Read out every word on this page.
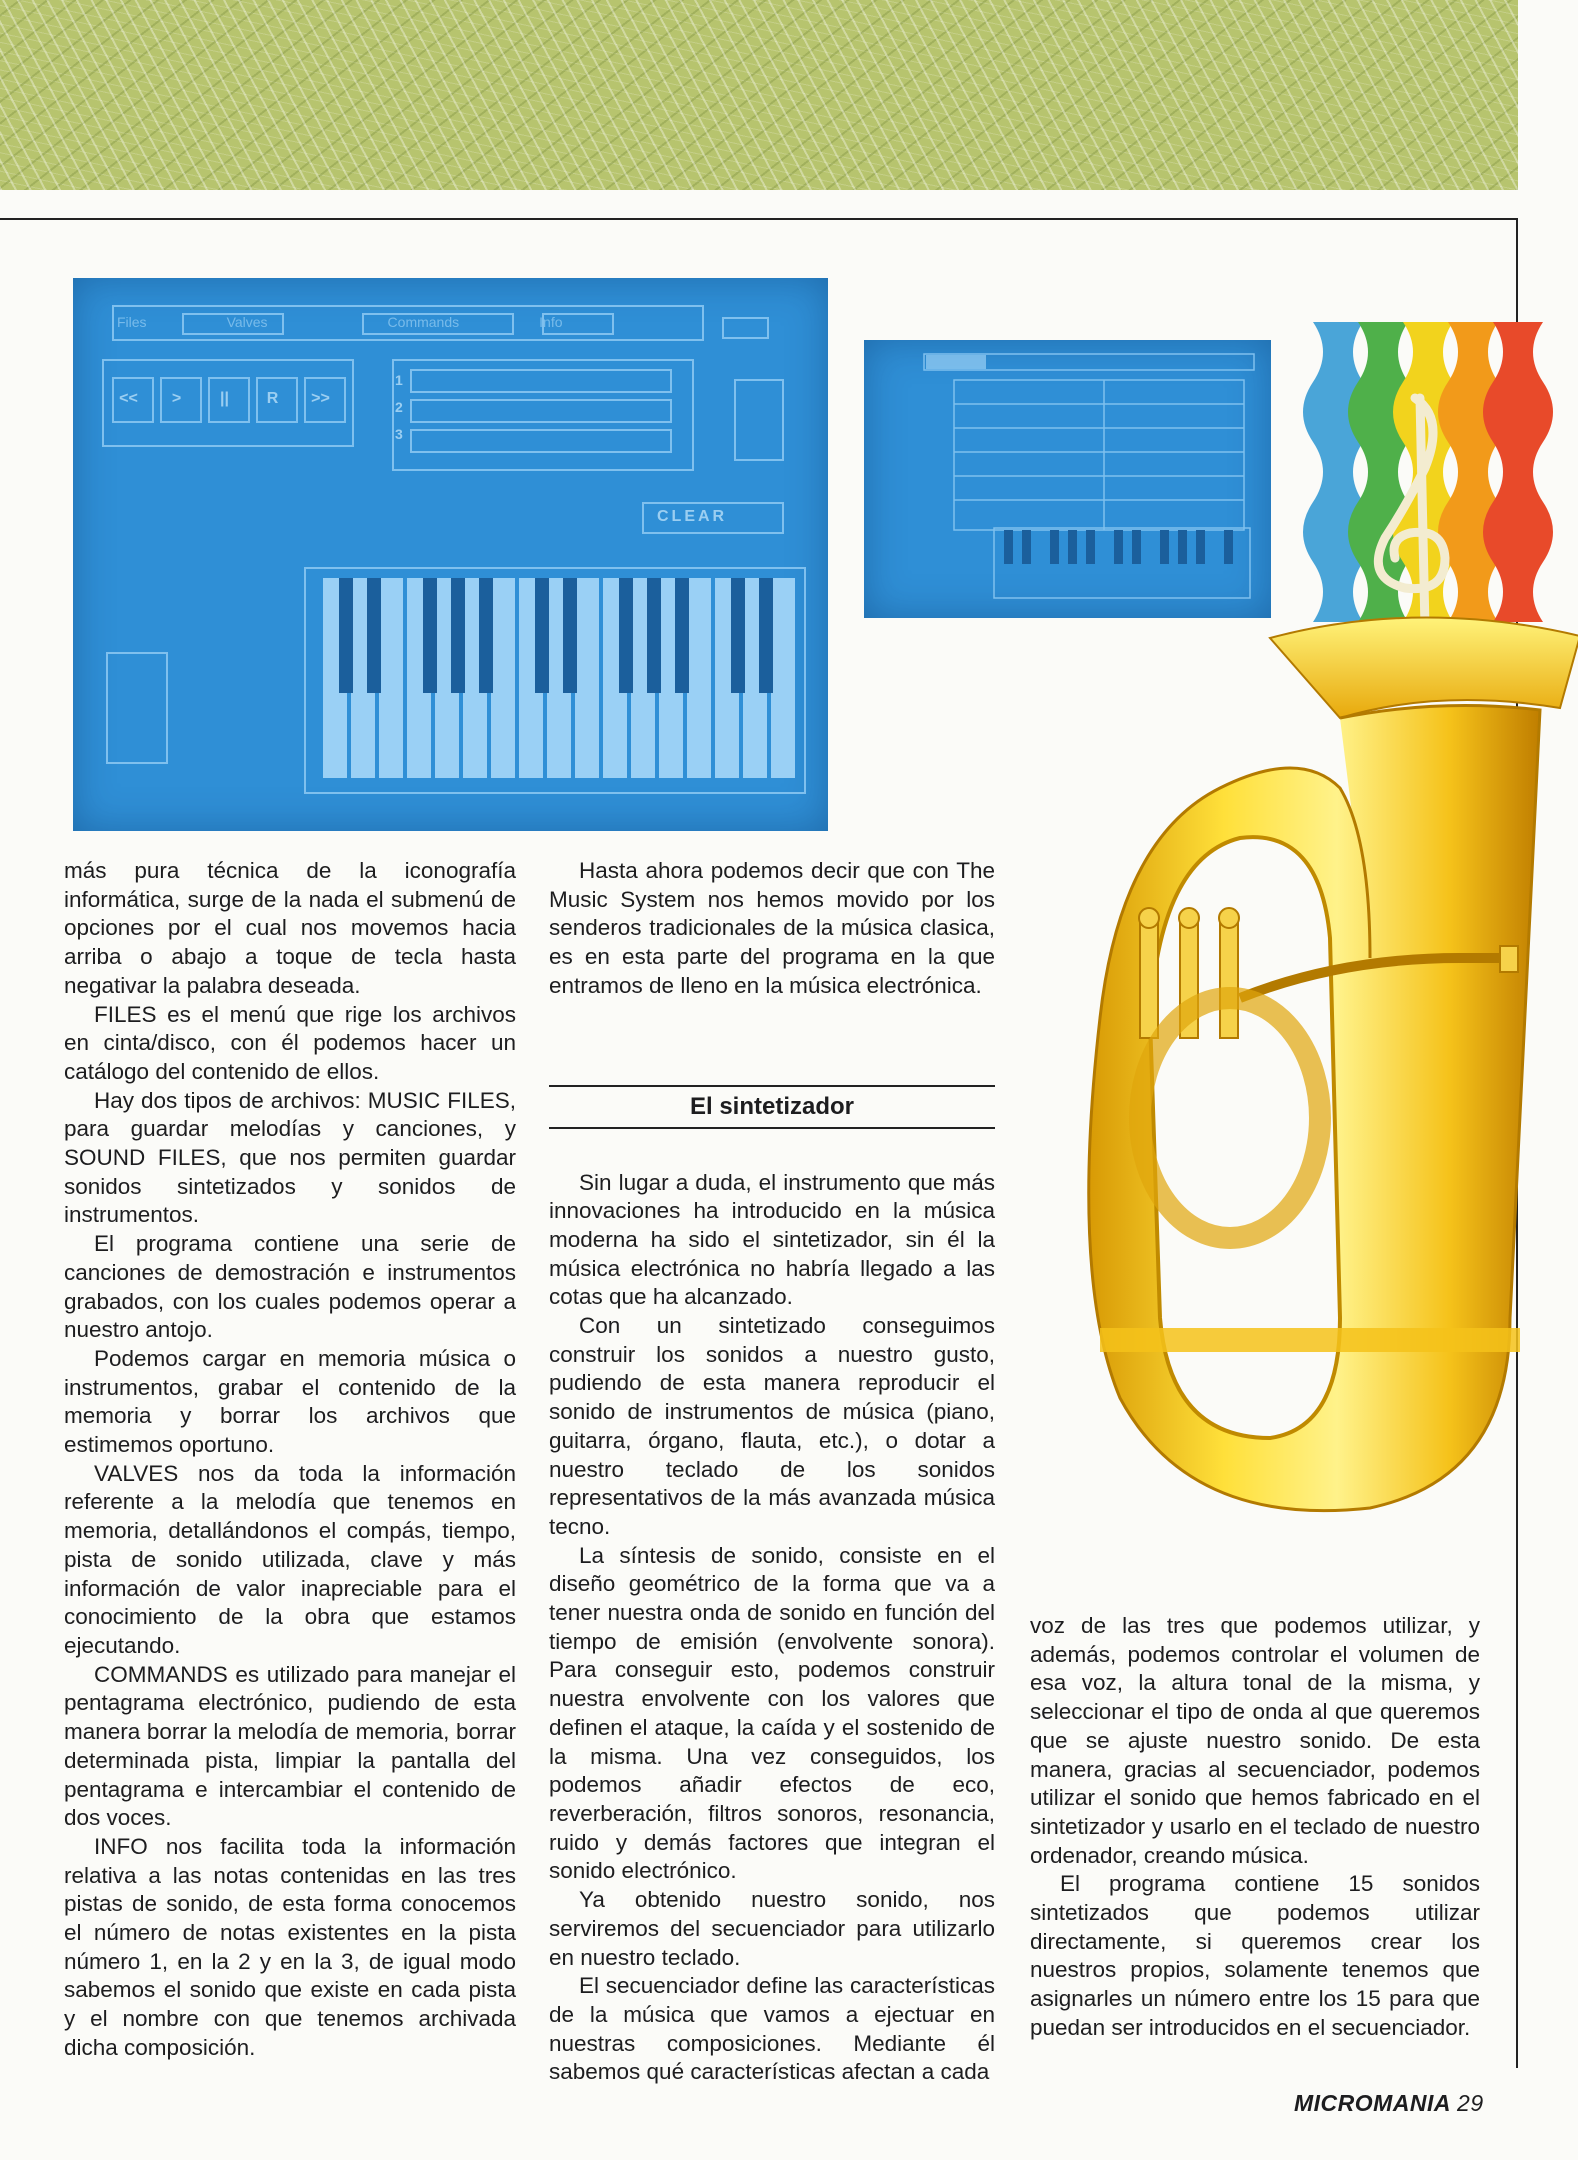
Files	Valves	Commands	Info
<<	>	||	R	>>
1
2
3
CLEAR

más pura técnica de la iconografía informática, surge de la nada el submenú de opciones por el cual nos movemos hacia arriba o abajo a toque de tecla hasta negativar la palabra deseada.

FILES es el menú que rige los archivos en cinta/disco, con él podemos hacer un catálogo del contenido de ellos.

Hay dos tipos de archivos: MUSIC FILES, para guardar melodías y canciones, y SOUND FILES, que nos permiten guardar sonidos sintetizados y sonidos de instrumentos.

El programa contiene una serie de canciones de demostración e instrumentos grabados, con los cuales podemos operar a nuestro antojo.

Podemos cargar en memoria música o instrumentos, grabar el contenido de la memoria y borrar los archivos que estimemos oportuno.

VALVES nos da toda la información referente a la melodía que tenemos en memoria, detallándonos el compás, tiempo, pista de sonido utilizada, clave y más información de valor inapreciable para el conocimiento de la obra que estamos ejecutando.

COMMANDS es utilizado para manejar el pentagrama electrónico, pudiendo de esta manera borrar la melodía de memoria, borrar determinada pista, limpiar la pantalla del pentagrama e intercambiar el contenido de dos voces.

INFO nos facilita toda la información relativa a las notas contenidas en las tres pistas de sonido, de esta forma conocemos el número de notas existentes en la pista número 1, en la 2 y en la 3, de igual modo sabemos el sonido que existe en cada pista y el nombre con que tenemos archivada dicha composición.

Hasta ahora podemos decir que con The Music System nos hemos movido por los senderos tradicionales de la música clasica, es en esta parte del programa en la que entramos de lleno en la música electrónica.

El sintetizador

Sin lugar a duda, el instrumento que más innovaciones ha introducido en la música moderna ha sido el sintetizador, sin él la música electrónica no habría llegado a las cotas que ha alcanzado.

Con un sintetizado conseguimos construir los sonidos a nuestro gusto, pudiendo de esta manera reproducir el sonido de instrumentos de música (piano, guitarra, órgano, flauta, etc.), o dotar a nuestro teclado de los sonidos representativos de la más avanzada música tecno.

La síntesis de sonido, consiste en el diseño geométrico de la forma que va a tener nuestra onda de sonido en función del tiempo de emisión (envolvente sonora). Para conseguir esto, podemos construir nuestra envolvente con los valores que definen el ataque, la caída y el sostenido de la misma. Una vez conseguidos, los podemos añadir efectos de eco, reverberación, filtros sonoros, resonancia, ruido y demás factores que integran el sonido electrónico.

Ya obtenido nuestro sonido, nos serviremos del secuenciador para utilizarlo en nuestro teclado.

El secuenciador define las características de la música que vamos a ejectuar en nuestras composiciones. Mediante él sabemos qué características afectan a cada

voz de las tres que podemos utilizar, y además, podemos controlar el volumen de esa voz, la altura tonal de la misma, y seleccionar el tipo de onda al que queremos que se ajuste nuestro sonido. De esta manera, gracias al secuenciador, podemos utilizar el sonido que hemos fabricado en el sintetizador y usarlo en el teclado de nuestro ordenador, creando música.

El programa contiene 15 sonidos sintetizados que podemos utilizar directamente, si queremos crear los nuestros propios, solamente tenemos que asignarles un número entre los 15 para que puedan ser introducidos en el secuenciador.

MICROMANIA 29
